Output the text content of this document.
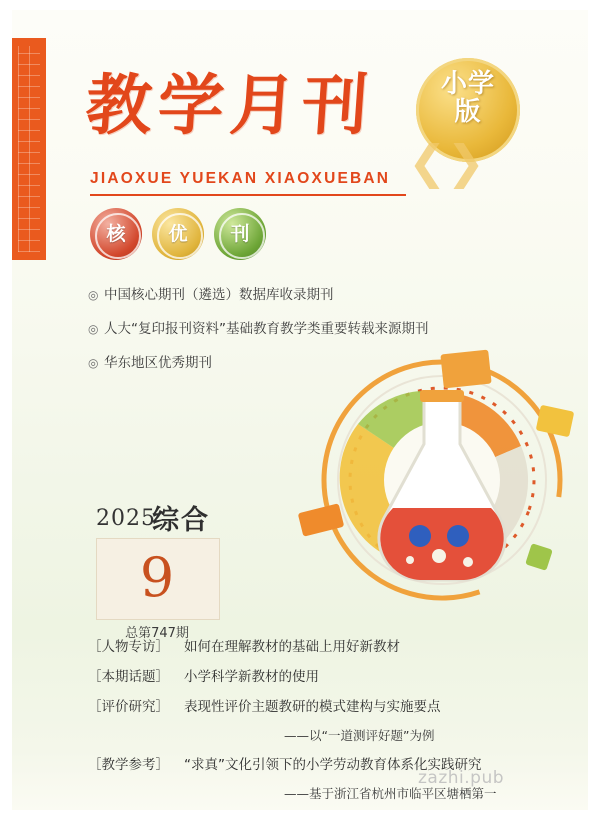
教学月刊
JIAOXUE YUEKAN XIAOXUEBAN
小学版
❮❯
核	优	刊
◎ 中国核心期刊（遴选）数据库收录期刊
◎ 人大“复印报刊资料”基础教育教学类重要转载来源期刊
◎ 华东地区优秀期刊
2025
综合
9
总第747期
［人物专访］ 如何在理解教材的基础上用好新教材
［本期话题］ 小学科学新教材的使用
［评价研究］ 表现性评价主题教研的模式建构与实施要点
——以“一道测评好题”为例
［教学参考］ “求真”文化引领下的小学劳动教育体系化实践研究
——基于浙江省杭州市临平区塘栖第一
zazhi.pub
